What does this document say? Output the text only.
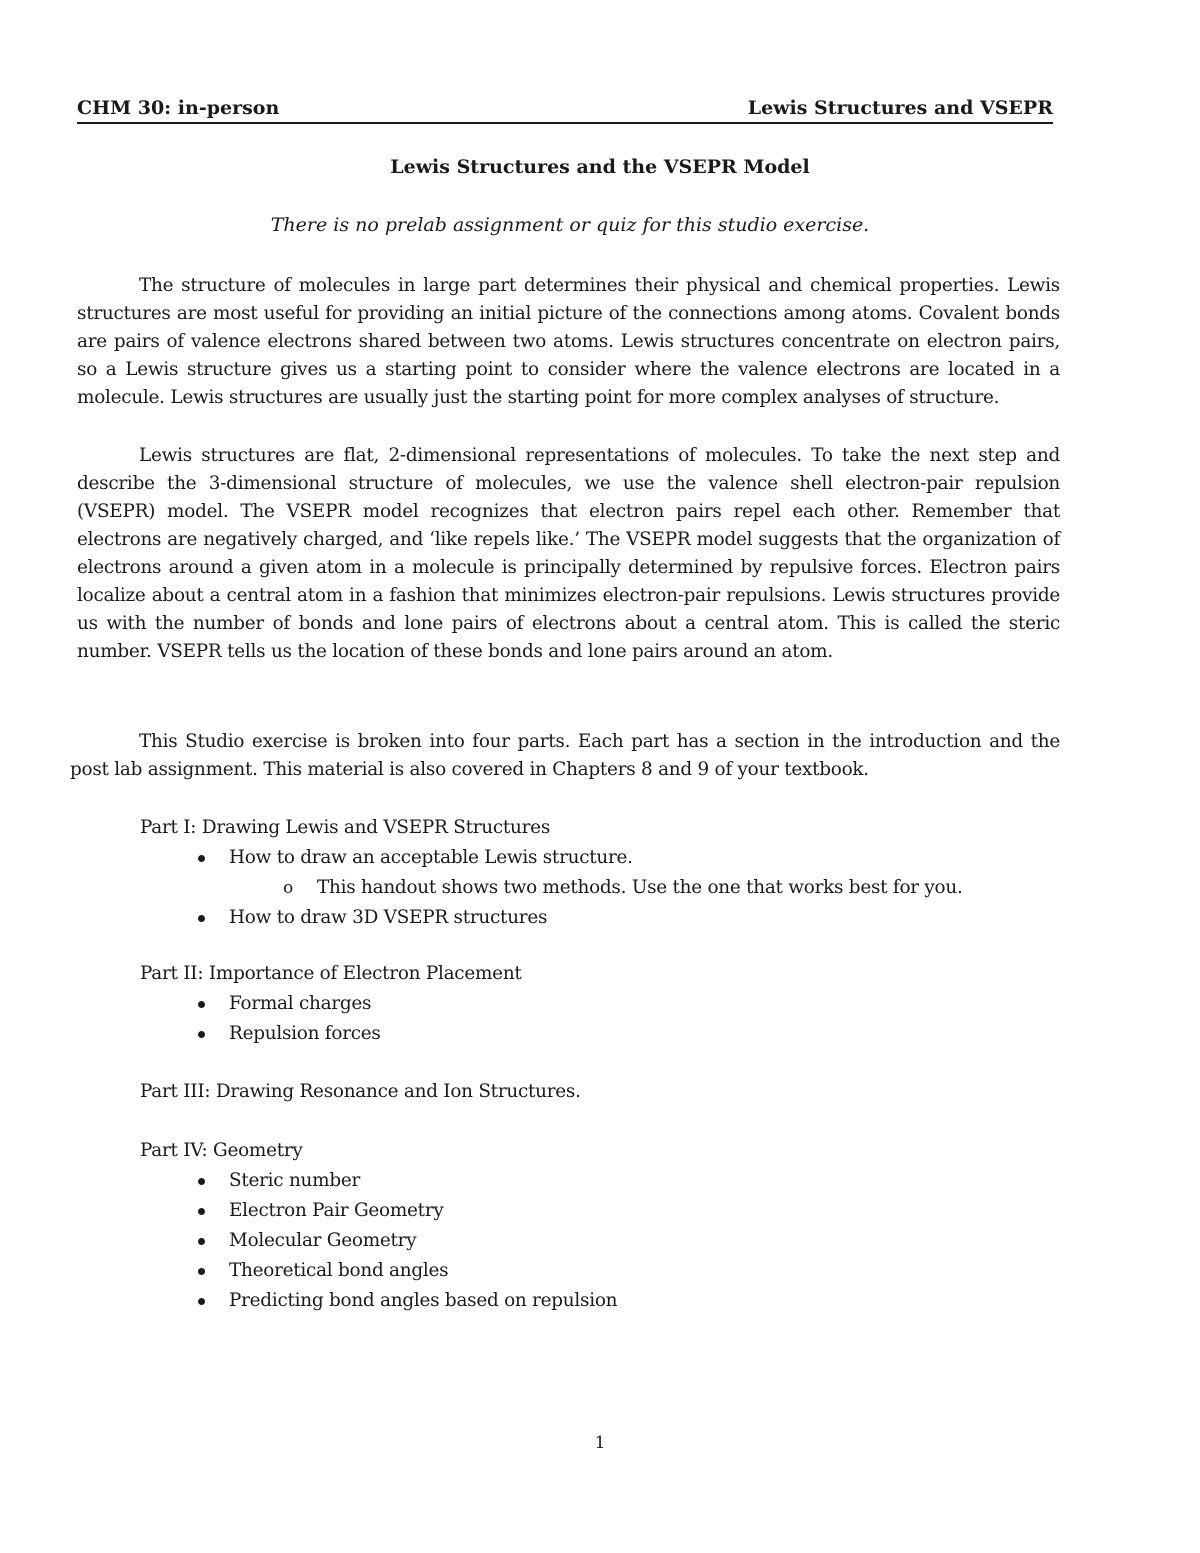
CHM 30: in-person	Lewis Structures and VSEPR
Lewis Structures and the VSEPR Model
There is no prelab assignment or quiz for this studio exercise.

The structure of molecules in large part determines their physical and chemical properties. Lewis structures are most useful for providing an initial picture of the connections among atoms. Covalent bonds are pairs of valence electrons shared between two atoms. Lewis structures concentrate on electron pairs, so a Lewis structure gives us a starting point to consider where the valence electrons are located in a molecule. Lewis structures are usually just the starting point for more complex analyses of structure.

Lewis structures are flat, 2-dimensional representations of molecules. To take the next step and describe the 3-dimensional structure of molecules, we use the valence shell electron-pair repulsion (VSEPR) model. The VSEPR model recognizes that electron pairs repel each other. Remember that electrons are negatively charged, and ‘like repels like.’ The VSEPR model suggests that the organization of electrons around a given atom in a molecule is principally determined by repulsive forces. Electron pairs localize about a central atom in a fashion that minimizes electron-pair repulsions. Lewis structures provide us with the number of bonds and lone pairs of electrons about a central atom. This is called the steric number. VSEPR tells us the location of these bonds and lone pairs around an atom.

This Studio exercise is broken into four parts. Each part has a section in the introduction and the post lab assignment. This material is also covered in Chapters 8 and 9 of your textbook.

Part I: Drawing Lewis and VSEPR Structures
How to draw an acceptable Lewis structure.
o This handout shows two methods. Use the one that works best for you.
How to draw 3D VSEPR structures
Part II: Importance of Electron Placement
Formal charges
Repulsion forces
Part III: Drawing Resonance and Ion Structures.
Part IV: Geometry
Steric number
Electron Pair Geometry
Molecular Geometry
Theoretical bond angles
Predicting bond angles based on repulsion
1
